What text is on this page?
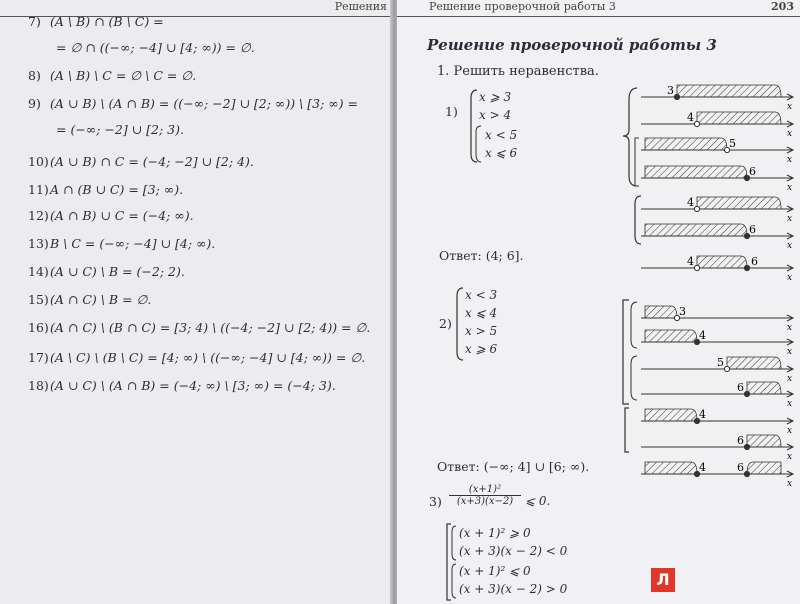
Решения
7) (A \ B) ∩ (B \ C) =
= ∅ ∩ ((−∞; −4] ∪ [4; ∞)) = ∅.
8) (A \ B) \ C = ∅ \ C = ∅.
9) (A ∪ B) \ (A ∩ B) = ((−∞; −2] ∪ [2; ∞)) \ [3; ∞) =
= (−∞; −2] ∪ [2; 3).
10)(A ∪ B) ∩ C = (−4; −2] ∪ [2; 4).
11)A ∩ (B ∪ C) = [3; ∞).
12)(A ∩ B) ∪ C = (−4; ∞).
13)B \ C = (−∞; −4] ∪ [4; ∞).
14)(A ∪ C) \ B = (−2; 2).
15)(A ∩ C) \ B = ∅.
16)(A ∩ C) \ (B ∩ C) = [3; 4) \ ((−4; −2] ∪ [2; 4)) = ∅.
17)(A \ C) \ (B \ C) = [4; ∞) \ ((−∞; −4] ∪ [4; ∞)) = ∅.
18)(A ∪ C) \ (A ∩ B) = (−4; ∞) \ [3; ∞) = (−4; 3).
Решение проверочной работы 3	203
Решение проверочной работы 3
1. Решить неравенства.
1)
x ⩾ 3
x > 4
x < 5
x ⩽ 6
Ответ: (4; 6].
2)
x < 3
x ⩽ 4
x > 5
x ⩾ 6
Ответ: (−∞; 4] ∪ [6; ∞).
$3) \frac{\text{(x+1)²}}{(x+3)(x-2)}$ ⩽ 0.
(x + 1)² ⩾ 0
(x + 3)(x − 2) < 0
(x + 1)² ⩽ 0
(x + 3)(x − 2) > 0
3
x
4
x
5
x
6
x
4
x
6
x
6
4
x
3
x
4
x
5
x
6
x
4
x
6
x
6
4
x
Л
